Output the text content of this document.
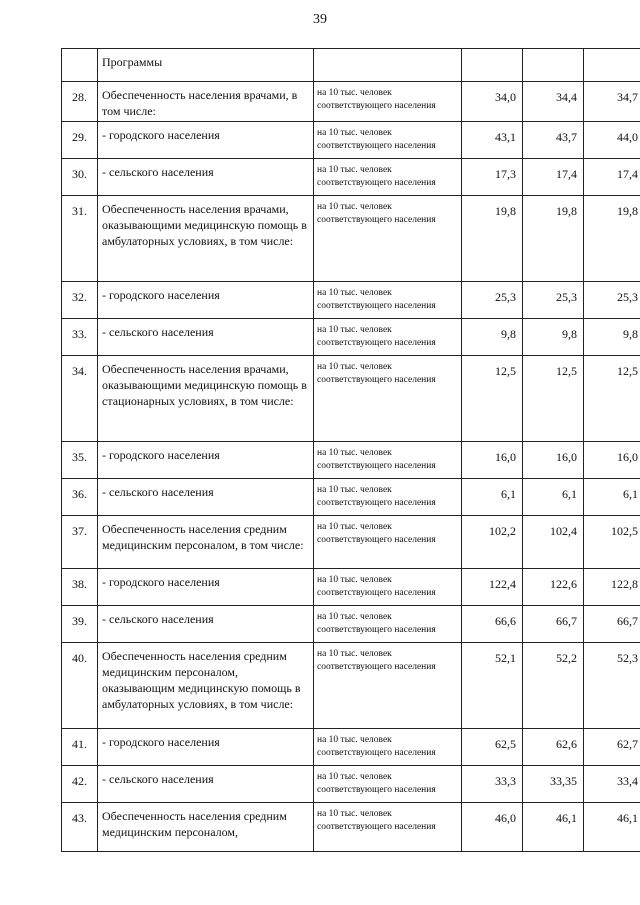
39
	Программы				
28.	Обеспеченность населения врачами, в том числе:	на 10 тыс. человек соответствующего населения	34,0	34,4	34,7
29.	- городского населения	на 10 тыс. человек соответствующего населения	43,1	43,7	44,0
30.	- сельского населения	на 10 тыс. человек соответствующего населения	17,3	17,4	17,4
31.	Обеспеченность населения врачами, оказывающими медицинскую помощь в амбулаторных условиях, в том числе:	на 10 тыс. человек соответствующего населения	19,8	19,8	19,8
32.	- городского населения	на 10 тыс. человек соответствующего населения	25,3	25,3	25,3
33.	- сельского населения	на 10 тыс. человек соответствующего населения	9,8	9,8	9,8
34.	Обеспеченность населения врачами, оказывающими медицинскую помощь в стационарных условиях, в том числе:	на 10 тыс. человек соответствующего населения	12,5	12,5	12,5
35.	- городского населения	на 10 тыс. человек соответствующего населения	16,0	16,0	16,0
36.	- сельского населения	на 10 тыс. человек соответствующего населения	6,1	6,1	6,1
37.	Обеспеченность населения средним медицинским персоналом, в том числе:	на 10 тыс. человек соответствующего населения	102,2	102,4	102,5
38.	- городского населения	на 10 тыс. человек соответствующего населения	122,4	122,6	122,8
39.	- сельского населения	на 10 тыс. человек соответствующего населения	66,6	66,7	66,7
40.	Обеспеченность населения средним медицинским персоналом, оказывающим медицинскую помощь в амбулаторных условиях, в том числе:	на 10 тыс. человек соответствующего населения	52,1	52,2	52,3
41.	- городского населения	на 10 тыс. человек соответствующего населения	62,5	62,6	62,7
42.	- сельского населения	на 10 тыс. человек соответствующего населения	33,3	33,35	33,4
43.	Обеспеченность населения средним медицинским персоналом,	на 10 тыс. человек соответствующего населения	46,0	46,1	46,1
